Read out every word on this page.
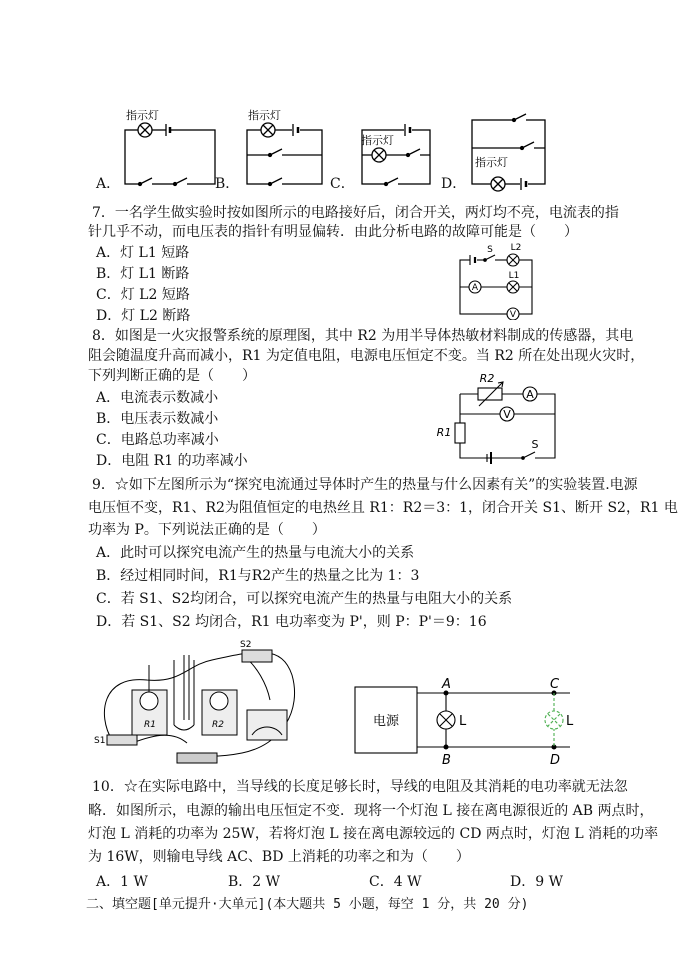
指示灯	指示灯
指示灯
指示灯
A．	B．	C．	D．
7．一名学生做实验时按如图所示的电路接好后，闭合开关，两灯均不亮，电流表的指
针几乎不动，而电压表的指针有明显偏转．由此分析电路的故障可能是（　　）
A．灯 L1 短路
B．灯 L1 断路
C．灯 L2 短路
D．灯 L2 断路
S L2
L1
A
V
8．如图是一火灾报警系统的原理图，其中 R2 为用半导体热敏材料制成的传感器，其电
阻会随温度升高而减小，R1 为定值电阻，电源电压恒定不变。当 R2 所在处出现火灾时，
下列判断正确的是（　　）
A．电流表示数减小
B．电压表示数减小
C．电路总功率减小
D．电阻 R1 的功率减小
R2
A
V
R1
S
9．☆如下左图所示为“探究电流通过导体时产生的热量与什么因素有关”的实验装置.电源
电压恒不变，R1、R2为阻值恒定的电热丝且 R1：R2＝3：1，闭合开关 S1、断开 S2，R1 电
功率为 P。下列说法正确的是（　　）
A．此时可以探究电流产生的热量与电流大小的关系
B．经过相同时间，R1与R2产生的热量之比为 1：3
C．若 S1、S2均闭合，可以探究电流产生的热量与电阻大小的关系
D．若 S1、S2 均闭合，R1 电功率变为 P'，则 P：P'＝9：16
R1	R2
S1
S2
电源
A
B
C
D
L	L
10．☆在实际电路中，当导线的长度足够长时，导线的电阻及其消耗的电功率就无法忽
略．如图所示，电源的输出电压恒定不变．现将一个灯泡 L 接在离电源很近的 AB 两点时，
灯泡 L 消耗的功率为 25W，若将灯泡 L 接在离电源较远的 CD 两点时，灯泡 L 消耗的功率
为 16W，则输电导线 AC、BD 上消耗的功率之和为（　　）
A．1 W	B．2 W	C．4 W	D．9 W
二、填空题[单元提升·大单元](本大题共 5 小题，每空 1 分，共 20 分)
